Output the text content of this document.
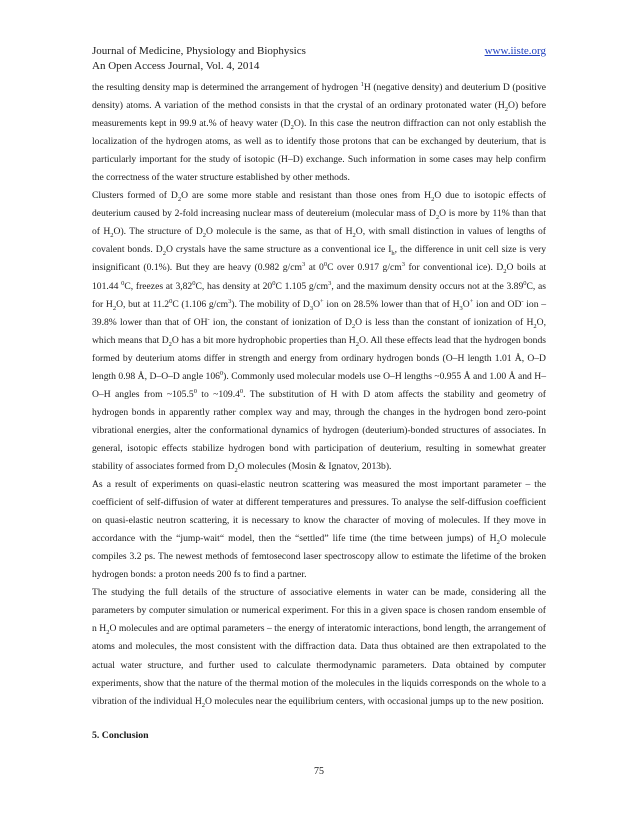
Journal of Medicine, Physiology and Biophysics	www.iiste.org
An Open Access Journal, Vol. 4, 2014

the resulting density map is determined the arrangement of hydrogen $^1$H (negative density) and deuterium D (positive density) atoms. A variation of the method consists in that the crystal of an ordinary protonated water $(H_2O)$ before measurements kept in 99.9 at.% of heavy water $(D_2O)$. In this case the neutron diffraction can not only establish the localization of the hydrogen atoms, as well as to identify those protons that can be exchanged by deuterium, that is particularly important for the study of isotopic (H–D) exchange. Such information in some cases may help confirm the correctness of the water structure established by other methods.

Clusters formed of $D_2O$ are some more stable and resistant than those ones from $H_2O$ due to isotopic effects of deuterium caused by 2-fold increasing nuclear mass of deutereium (molecular mass of $D_2O$ is more by 11% than that of $H_2O$). The structure of $D_2O$ molecule is the same, as that of $H_2O$, with small distinction in values of lengths of covalent bonds. $D_2O$ crystals have the same structure as a conventional ice $I_h$, the difference in unit cell size is very insignificant (0.1%). But they are heavy (0.982 $g/cm^3$ at $0^0C$ over 0.917 $g/cm^3$ for conventional ice). $D_2O$ boils at 101.44 $^0$C, freezes at 3,82$^0$C, has density at $20^0C$ 1.105 $g/cm^3$, and the maximum density occurs not at the 3.89$^0$C, as for $H_2O$, but at 11.2$^0$C (1.106 $g/cm^3$). The mobility of $D_3O^+$ ion on 28.5% lower than that of $H_3O^+$ ion and OD- ion – 39.8% lower than that of OH- ion, the constant of ionization of $D_2O$ is less than the constant of ionization of $H_2O$, which means that $D_2O$ has a bit more hydrophobic properties than $H_2O$. All these effects lead that the hydrogen bonds formed by deuterium atoms differ in strength and energy from ordinary hydrogen bonds (O–H length 1.01 Å, O–D length 0.98 Å, D–O–D angle $106^0$). Commonly used molecular models use O–H lengths ~0.955 Å and 1.00 Å and H–O–H angles from ~105.5$^0$ to ~109.4$^0$. The substitution of H with D atom affects the stability and geometry of hydrogen bonds in apparently rather complex way and may, through the changes in the hydrogen bond zero-point vibrational energies, alter the conformational dynamics of hydrogen (deuterium)-bonded structures of associates. In general, isotopic effects stabilize hydrogen bond with participation of deuterium, resulting in somewhat greater stability of associates formed from $D_2O$ molecules (Mosin & Ignatov, 2013b).

As a result of experiments on quasi-elastic neutron scattering was measured the most important parameter – the coefficient of self-diffusion of water at different temperatures and pressures. To analyse the self-diffusion coefficient on quasi-elastic neutron scattering, it is necessary to know the character of moving of molecules. If they move in accordance with the “jump-wait“ model, then the “settled” life time (the time between jumps) of $H_2O$ molecule compiles 3.2 ps. The newest methods of femtosecond laser spectroscopy allow to estimate the lifetime of the broken hydrogen bonds: a proton needs 200 fs to find a partner.

The studying the full details of the structure of associative elements in water can be made, considering all the parameters by computer simulation or numerical experiment. For this in a given space is chosen random ensemble of n $H_2O$ molecules and are optimal parameters – the energy of interatomic interactions, bond length, the arrangement of atoms and molecules, the most consistent with the diffraction data. Data thus obtained are then extrapolated to the actual water structure, and further used to calculate thermodynamic parameters. Data obtained by computer experiments, show that the nature of the thermal motion of the molecules in the liquids corresponds on the whole to a vibration of the individual $H_2O$ molecules near the equilibrium centers, with occasional jumps up to the new position.

5. Conclusion
75
